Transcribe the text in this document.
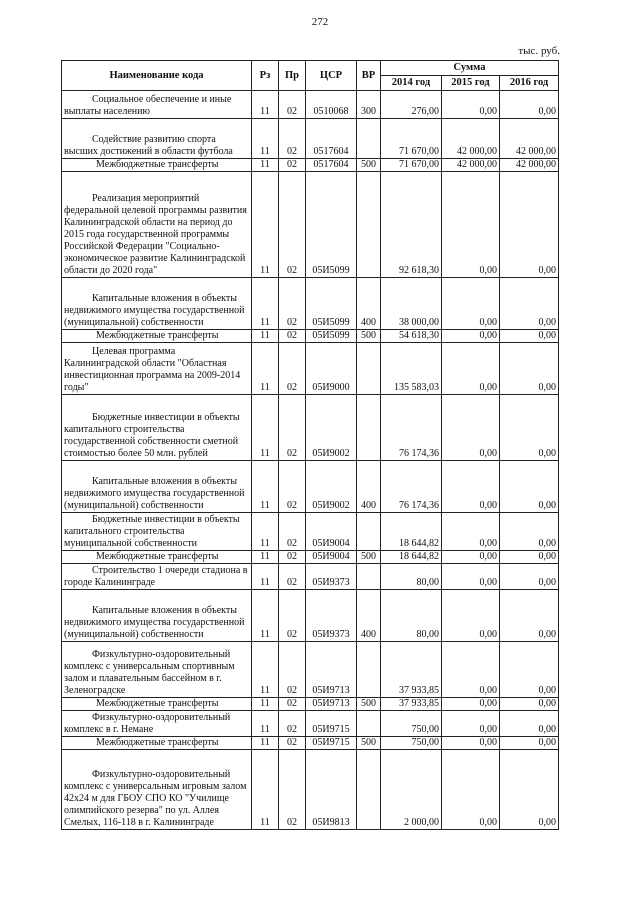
272
тыс. руб.
Наименование кода	Рз	Пр	ЦСР	ВР	Сумма		
					2014 год	2015 год	2016 год
Социальное обеспечение и иные выплаты населению	11	02	0510068	300	276,00	0,00	0,00
Содействие развитию спорта высших достижений в области футбола	11	02	0517604		71 670,00	42 000,00	42 000,00
Межбюджетные трансферты	11	02	0517604	500	71 670,00	42 000,00	42 000,00
Реализация мероприятий федеральной целевой программы развития Калининградской области на период до 2015 года государственной программы Российской Федерации "Социально-экономическое развитие Калининградской области до 2020 года"	11	02	05И5099		92 618,30	0,00	0,00
Капитальные вложения в объекты недвижимого имущества государственной (муниципальной) собственности	11	02	05И5099	400	38 000,00	0,00	0,00
Межбюджетные трансферты	11	02	05И5099	500	54 618,30	0,00	0,00
Целевая программа Калининградской области "Областная инвестиционная программа на 2009-2014 годы"	11	02	05И9000		135 583,03	0,00	0,00
Бюджетные инвестиции в объекты капитального строительства государственной собственности сметной стоимостью более 50 млн. рублей	11	02	05И9002		76 174,36	0,00	0,00
Капитальные вложения в объекты недвижимого имущества государственной (муниципальной) собственности	11	02	05И9002	400	76 174,36	0,00	0,00
Бюджетные инвестиции в объекты капитального строительства муниципальной собственности	11	02	05И9004		18 644,82	0,00	0,00
Межбюджетные трансферты	11	02	05И9004	500	18 644,82	0,00	0,00
Строительство 1 очереди стадиона в городе Калининграде	11	02	05И9373		80,00	0,00	0,00
Капитальные вложения в объекты недвижимого имущества государственной (муниципальной) собственности	11	02	05И9373	400	80,00	0,00	0,00
Физкультурно-оздоровительный комплекс с универсальным спортивным залом и плавательным бассейном в г. Зеленоградске	11	02	05И9713		37 933,85	0,00	0,00
Межбюджетные трансферты	11	02	05И9713	500	37 933,85	0,00	0,00
Физкультурно-оздоровительный комплекс в г. Немане	11	02	05И9715		750,00	0,00	0,00
Межбюджетные трансферты	11	02	05И9715	500	750,00	0,00	0,00
Физкультурно-оздоровительный комплекс с универсальным игровым залом 42х24 м для ГБОУ СПО КО "Училище олимпийского резерва" по ул. Аллея Смелых, 116-118 в г. Калининграде	11	02	05И9813		2 000,00	0,00	0,00
